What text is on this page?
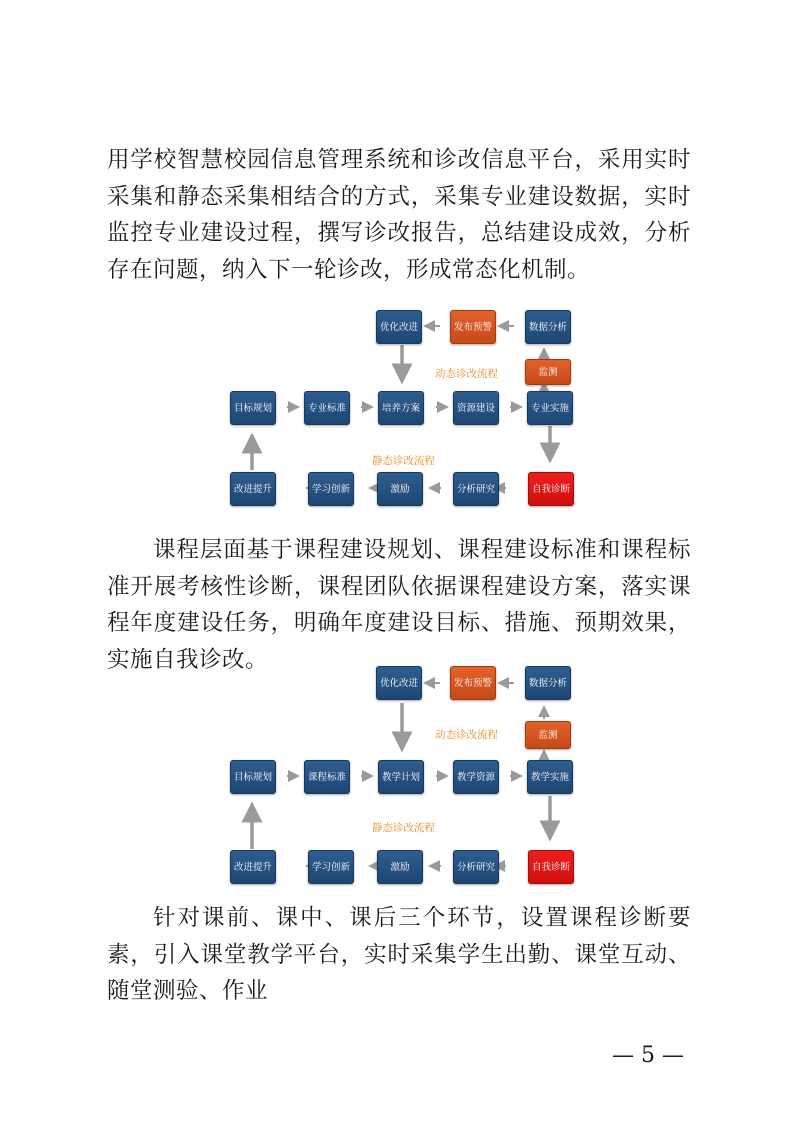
用学校智慧校园信息管理系统和诊改信息平台，采用实时采集和静态采集相结合的方式，采集专业建设数据，实时监控专业建设过程，撰写诊改报告，总结建设成效，分析存在问题，纳入下一轮诊改，形成常态化机制。

优化改进	发布预警	数据分析
监测
动态诊改流程
目标规划	专业标准	培养方案	资源建设	专业实施
静态诊改流程
改进提升	学习创新	激励	分析研究	自我诊断

课程层面基于课程建设规划、课程建设标准和课程标准开展考核性诊断，课程团队依据课程建设方案，落实课程年度建设任务，明确年度建设目标、措施、预期效果，实施自我诊改。

优化改进	发布预警	数据分析
监测
动态诊改流程
目标规划	课程标准	教学计划	教学资源	教学实施
静态诊改流程
改进提升	学习创新	激励	分析研究	自我诊断

针对课前、课中、课后三个环节，设置课程诊断要素，引入课堂教学平台，实时采集学生出勤、课堂互动、随堂测验、作业

— 5 —
